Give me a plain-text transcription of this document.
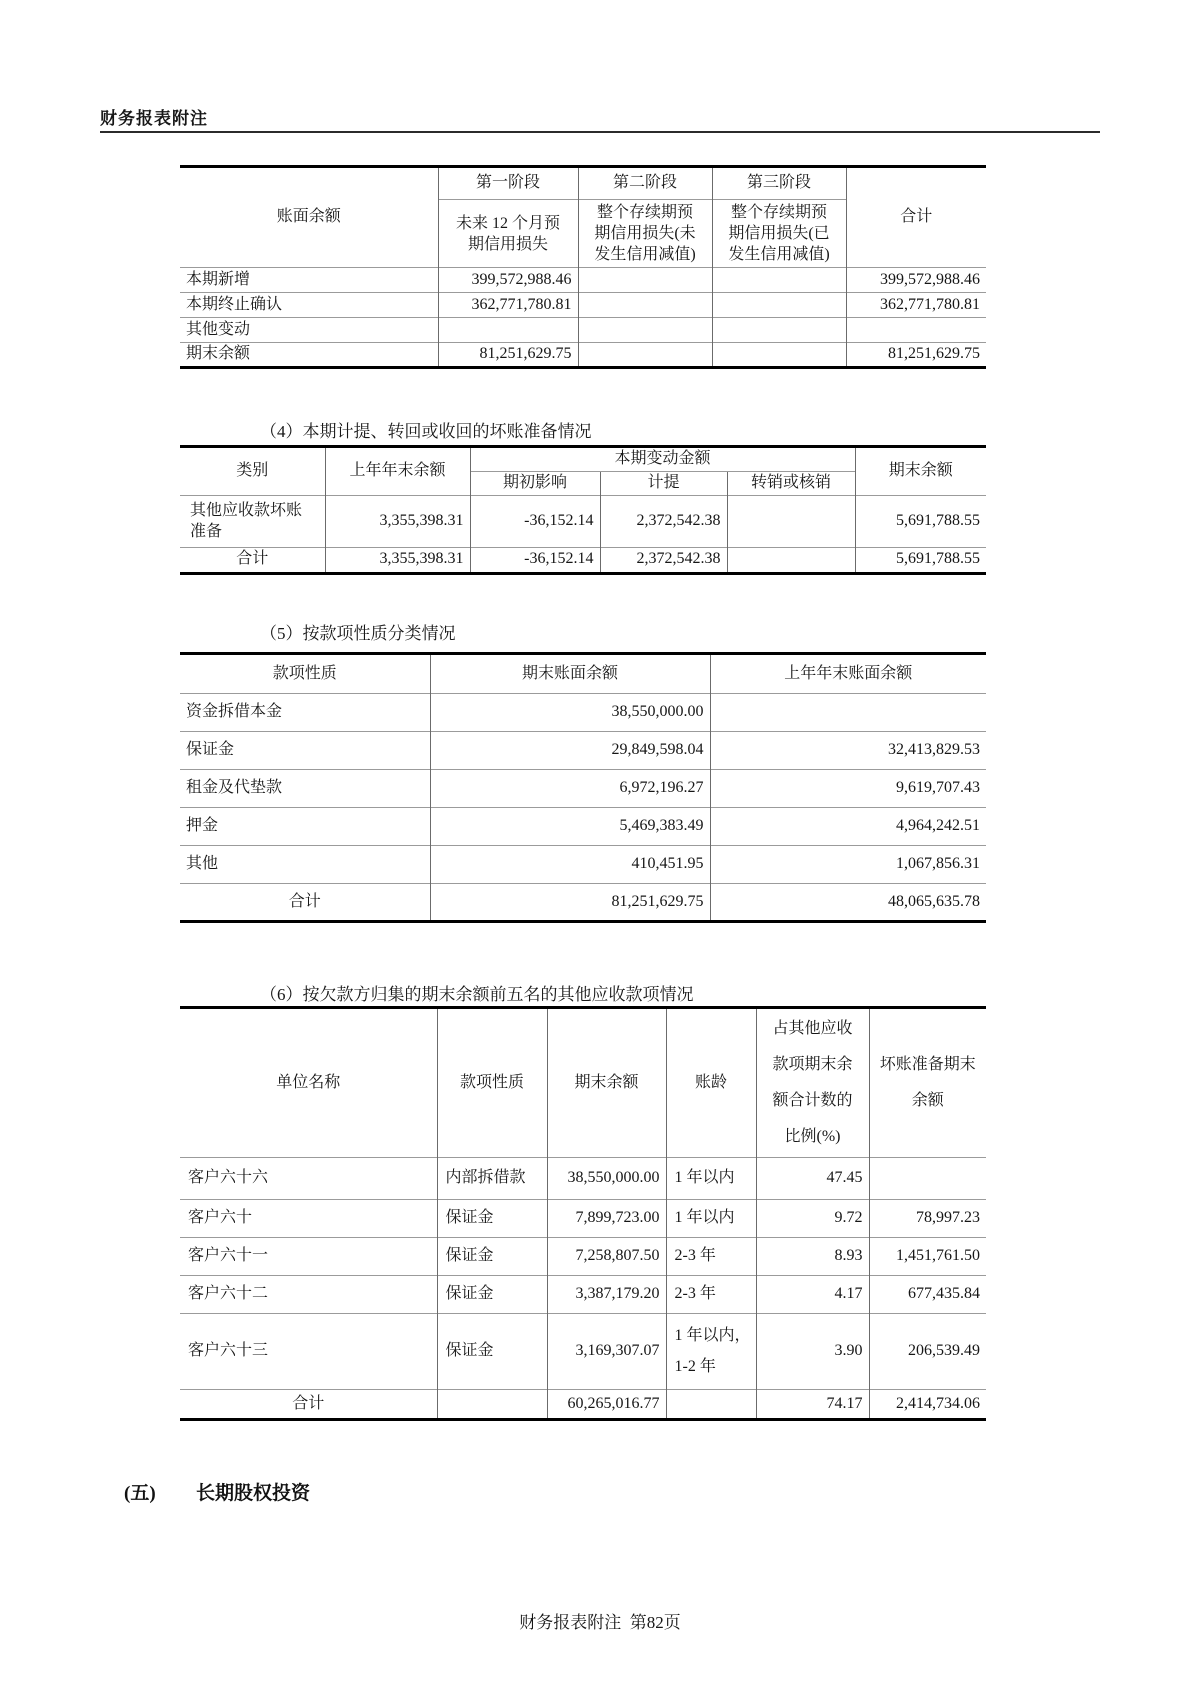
财务报表附注
账面余额	第一阶段	第二阶段	第三阶段	合计
	未来 12 个月预期信用损失	整个存续期预期信用损失(未发生信用减值)	整个存续期预期信用损失(已发生信用减值)	
本期新增	399,572,988.46			399,572,988.46
本期终止确认	362,771,780.81			362,771,780.81
其他变动				
期末余额	81,251,629.75			81,251,629.75
（4）本期计提、转回或收回的坏账准备情况
类别	上年年末余额	本期变动金额			期末余额
		期初影响	计提	转销或核销	
其他应收款坏账准备	3,355,398.31	-36,152.14	2,372,542.38		5,691,788.55
合计	3,355,398.31	-36,152.14	2,372,542.38		5,691,788.55
（5）按款项性质分类情况
款项性质	期末账面余额	上年年末账面余额
资金拆借本金	38,550,000.00	
保证金	29,849,598.04	32,413,829.53
租金及代垫款	6,972,196.27	9,619,707.43
押金	5,469,383.49	4,964,242.51
其他	410,451.95	1,067,856.31
合计	81,251,629.75	48,065,635.78
（6）按欠款方归集的期末余额前五名的其他应收款项情况
单位名称	款项性质	期末余额	账龄	占其他应收
款项期末余
额合计数的
比例(%)	坏账准备期末余额
客户六十六	内部拆借款	38,550,000.00	1 年以内	47.45	
客户六十	保证金	7,899,723.00	1 年以内	9.72	78,997.23
客户六十一	保证金	7,258,807.50	2-3 年	8.93	1,451,761.50
客户六十二	保证金	3,387,179.20	2-3 年	4.17	677,435.84
客户六十三	保证金	3,169,307.07	1 年以内，1-2 年	3.90	206,539.49
合计		60,265,016.77		74.17	2,414,734.06
(五) 长期股权投资
财务报表附注  第82页
